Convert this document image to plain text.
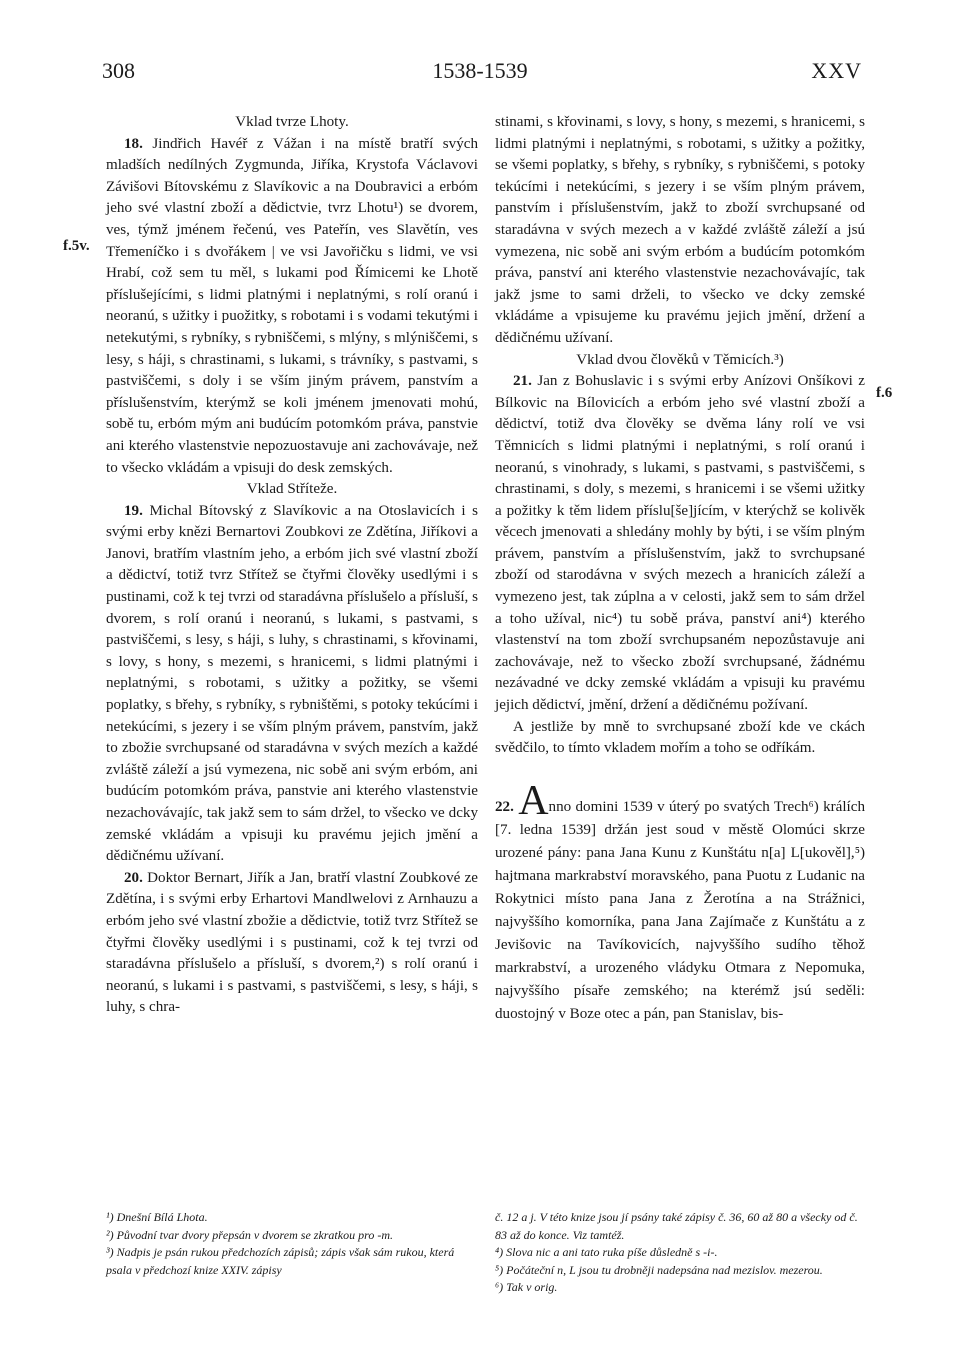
308	1538-1539	XXV
f.5v.
f.6

Vklad tvrze Lhoty.

18. Jindřich Havéř z Vážan i na místě bratří svých mladších nedílných Zygmunda, Jiříka, Krystofa Václavovi Závišovi Bítovskému z Slavíkovic a na Doubravici a erbóm jeho své vlastní zboží a dědictvie, tvrz Lhotu¹) se dvorem, ves, týmž jménem řečenú, ves Pateřín, ves Slavětín, ves Třemeníčko i s dvořákem | ve vsi Javořičku s lidmi, ve vsi Hrabí, což sem tu měl, s lukami pod Římicemi ke Lhotě příslušejícími, s lidmi platnými i neplatnými, s rolí oranú i neoranú, s užitky i puožitky, s robotami i s vodami tekutými i netekutými, s rybníky, s rybniščemi, s mlýny, s mlýniščemi, s lesy, s háji, s chrastinami, s lukami, s trávníky, s pastvami, s pastviščemi, s doly i se vším jiným právem, panstvím a příslušenstvím, kterýmž se koli jménem jmenovati mohú, sobě tu, erbóm mým ani budúcím potomkóm práva, panstvie ani kterého vlastenstvie nepozuostavuje ani zachovávaje, než to všecko vkládám a vpisuji do desk zemských.

Vklad Stříteže.

19. Michal Bítovský z Slavíkovic a na Otoslavicích i s svými erby knězi Bernartovi Zoubkovi ze Zdětína, Jiříkovi a Janovi, bratřím vlastním jeho, a erbóm jich své vlastní zboží a dědictví, totiž tvrz Střítež se čtyřmi člověky usedlými i s pustinami, což k tej tvrzi od staradávna příslušelo a přísluší, s dvorem, s rolí oranú i neoranú, s lukami, s pastvami, s pastviščemi, s lesy, s háji, s luhy, s chrastinami, s křovinami, s lovy, s hony, s mezemi, s hranicemi, s lidmi platnými i neplatnými, s robotami, s užitky a požitky, se všemi poplatky, s břehy, s rybníky, s rybništěmi, s potoky tekúcími i netekúcími, s jezery i se vším plným právem, panstvím, jakž to zbožie svrchupsané od staradávna v svých mezích a každé zvláště záleží a jsú vymezena, nic sobě ani svým erbóm, ani budúcím potomkóm práva, panstvie ani kterého vlastenstvie nezachovávajíc, tak jakž sem to sám držel, to všecko ve dcky zemské vkládám a vpisuji ku pravému jejich jmění a dědičnému užívaní.

20. Doktor Bernart, Jiřík a Jan, bratří vlastní Zoubkové ze Zdětína, i s svými erby Erhartovi Mandlwelovi z Arnhauzu a erbóm jeho své vlastní zbožie a dědictvie, totiž tvrz Střítež se čtyřmi člověky usedlými i s pustinami, což k tej tvrzi od staradávna příslušelo a přísluší, s dvorem,²) s rolí oranú i neoranú, s lukami i s pastvami, s pastviščemi, s lesy, s háji, s luhy, s chra-

stinami, s křovinami, s lovy, s hony, s mezemi, s hranicemi, s lidmi platnými i neplatnými, s robotami, s užitky a požitky, se všemi poplatky, s břehy, s rybníky, s rybniščemi, s potoky tekúcími i netekúcími, s jezery i se vším plným právem, panstvím i příslušenstvím, jakž to zboží svrchupsané od staradávna v svých mezech a v každé zvláště záleží a jsú vymezena, nic sobě ani svým erbóm a budúcím potomkóm práva, panství ani kterého vlastenstvie nezachovávajíc, tak jakž jsme to sami drželi, to všecko ve dcky zemské vkládáme a vpisujeme ku pravému jejich jmění, držení a dědičnému užívaní.

Vklad dvou člověků v Těmicích.³)

21. Jan z Bohuslavic i s svými erby Anízovi Onšíkovi z Bílkovic na Bílovicích a erbóm jeho své vlastní zboží a dědictví, totiž dva člověky se dvěma lány rolí ve vsi Těmnicích s lidmi platnými i neplatnými, s rolí oranú i neoranú, s vinohrady, s lukami, s pastvami, s pastviščemi, s chrastinami, s doly, s mezemi, s hranicemi i se všemi užitky a požitky k těm lidem příslu[še]jícím, v kterýchž se kolivěk věcech jmenovati a shledány mohly by býti, i se vším plným právem, panstvím a příslušenstvím, jakž to svrchupsané zboží od starodávna v svých mezech a hranicích záleží a vymezeno jest, tak zúplna a v celosti, jakž sem to sám držel a toho užíval, nic⁴) tu sobě práva, panství ani⁴) kterého vlastenství na tom zboží svrchupsaném nepozůstavuje ani zachovávaje, než to všecko zboží svrchupsané, žádnému nezávadné ve dcky zemské vkládám a vpisuji ku pravému jejich dědictví, jmění, držení a dědičnému požívaní.

A jestliže by mně to svrchupsané zboží kde ve ckách svědčilo, to tímto vkladem mořím a toho se odříkám.

22. Anno domini 1539 v úterý po svatých Trech⁶) králích [7. ledna 1539] držán jest soud v městě Olomúci skrze urozené pány: pana Jana Kunu z Kunštátu n[a] L[ukověl],⁵) hajtmana markrabství moravského, pana Puotu z Ludanic na Rokytnici místo pana Jana z Žerotína a na Strážnici, najvyššího komorníka, pana Jana Zajímače z Kunštátu a z Jevišovic na Tavíkovicích, najvyššího sudího těhož markrabství, a urozeného vládyku Otmara z Nepomuka, najvyššího písaře zemského; na kterémž jsú seděli: duostojný v Boze otec a pán, pan Stanislav, bis-

¹) Dnešní Bílá Lhota.
²) Původní tvar dvory přepsán v dvorem se zkratkou pro -m.
³) Nadpis je psán rukou předchozích zápisů; zápis však sám rukou, která psala v předchozí knize XXIV. zápisy
č. 12 a j. V této knize jsou jí psány také zápisy č. 36, 60 až 80 a všecky od č. 83 až do konce. Viz tamtéž.
⁴) Slova nic a ani tato ruka píše důsledně s -i-.
⁵) Počáteční n, L jsou tu drobněji nadepsána nad mezislov. mezerou.
⁶) Tak v orig.
